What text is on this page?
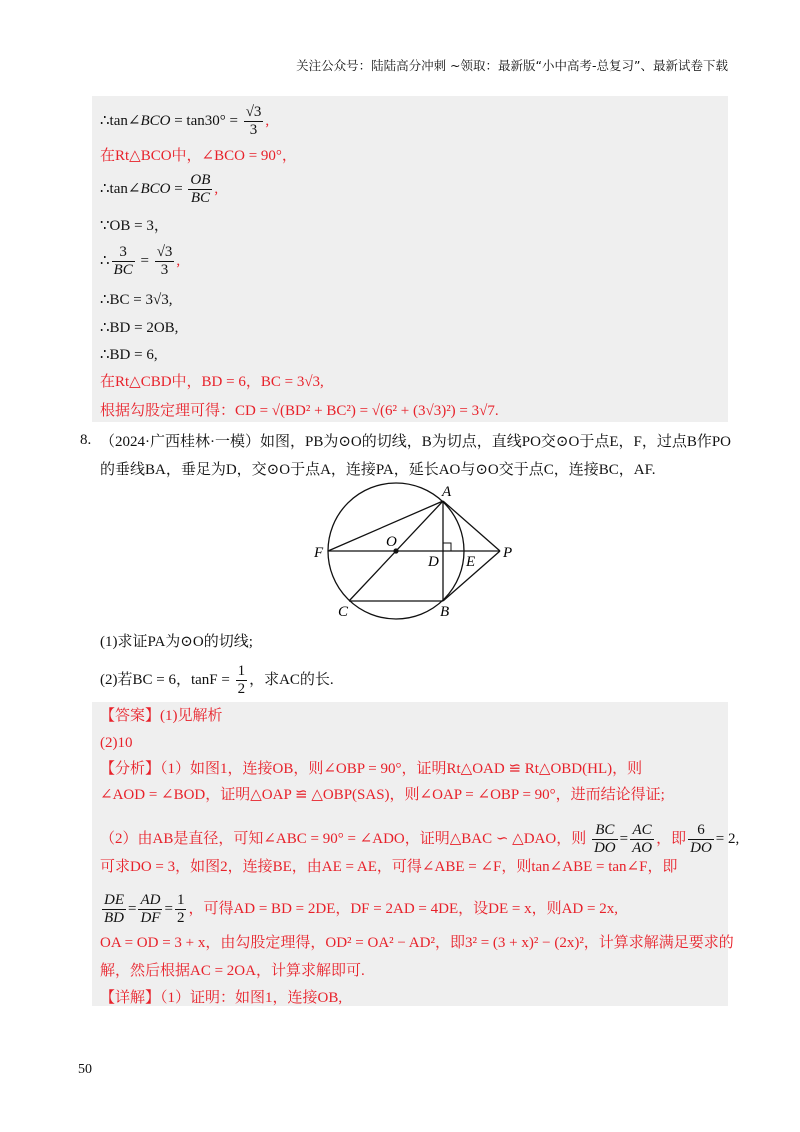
关注公众号：陆陆高分冲刺 ~领取：最新版“小中高考-总复习”、最新试卷下载
∴tan∠BCO = $\tan 30^\circ = \frac{√3}{3}$ ,
在Rt△BCO中，∠BCO = 90°，
∴tan∠BCO = $\frac{OB}{BC}$ ,
∵OB = 3，
∴ $\frac{3}{BC} = \frac{√3}{3}$ ,
∴BC = 3√3,
∴BD = 2OB,
∴BD = 6,
在Rt△CBD中，BD = 6，BC = 3√3,
根据勾股定理可得：CD = √(BD² + BC²) = √(6² + (3√3)²) = 3√7.
8. （2024·广西桂林·一模）如图，PB为⊙O的切线，B为切点，直线PO交⊙O于点E，F，过点B作PO
的垂线BA，垂足为D，交⊙O于点A，连接PA，延长AO与⊙O交于点C，连接BC，AF.
A
O
F
D E
P
C	B
(1)求证PA为⊙O的切线;
(2)若BC = 6，$\tan F = \frac{1}{2}$ ，求AC的长.
【答案】(1)见解析
(2)10
【分析】（1）如图1，连接OB，则∠OBP = 90°，证明Rt△OAD ≌ Rt△OBD(HL)，则
∠AOD = ∠BOD，证明△OAP ≌ △OBP(SAS)，则∠OAP = ∠OBP = 90°，进而结论得证;
（2）由AB是直径，可知∠ABC = 90° = ∠ADO，证明△BAC ∽ △DAO，则 $\frac{BC}{DO} = \frac{AC}{AO}$ ，即 $\frac{6}{DO} = 2$,
可求DO = 3，如图2，连接BE，由AE = AE，可得∠ABE = ∠F，则tan∠ABE = tan∠F，即
$\frac{DE}{BD} = \frac{AD}{DF} = \frac{1}{2}$ ，可得AD = BD = 2DE，DF = 2AD = 4DE，设DE = x，则AD = 2x,
OA = OD = 3 + x，由勾股定理得，OD² = OA² − AD²，即3² = (3 + x)² − (2x)²，计算求解满足要求的
解，然后根据AC = 2OA，计算求解即可.
【详解】（1）证明：如图1，连接OB,
50
